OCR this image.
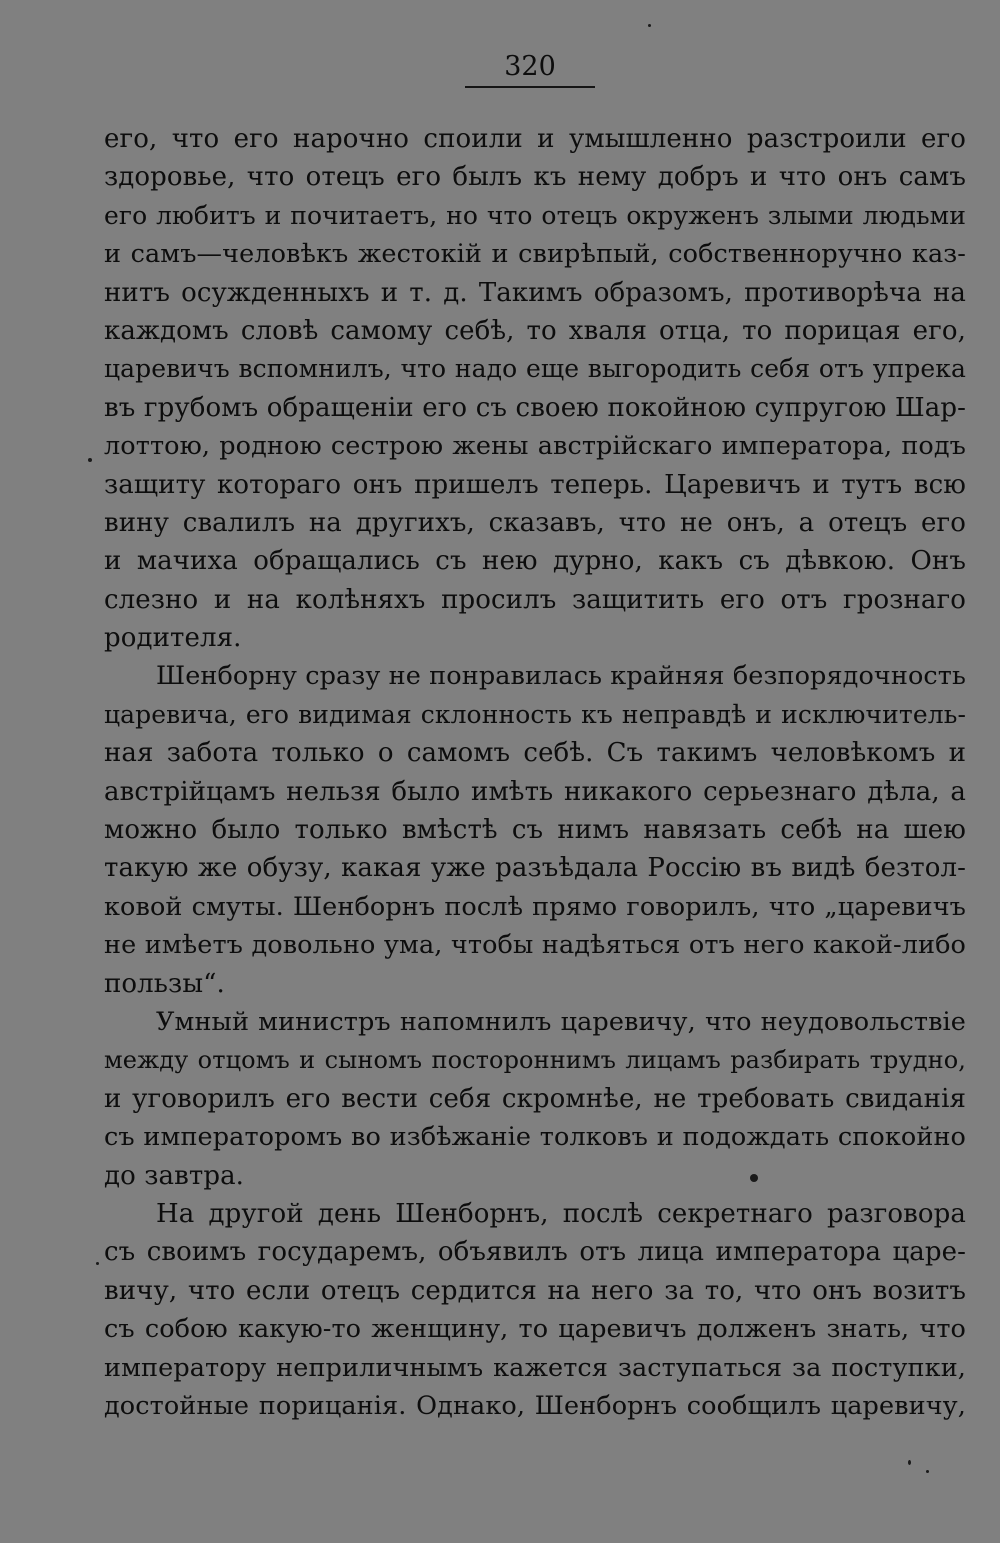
320
его, что его нарочно споили и умышленно разстроили его
здоровье, что отецъ его былъ къ нему добръ и что онъ самъ
его любитъ и почитаетъ, но что отецъ окруженъ злыми людьми
и самъ—человѣкъ жестокій и свирѣпый, собственноручно каз-
нитъ осужденныхъ и т. д. Такимъ образомъ, противорѣча на
каждомъ словѣ самому себѣ, то хваля отца, то порицая его,
царевичъ вспомнилъ, что надо еще выгородить себя отъ упрека
въ грубомъ обращеніи его съ своею покойною супругою Шар-
лоттою, родною сестрою жены австрійскаго императора, подъ
защиту котораго онъ пришелъ теперь. Царевичъ и тутъ всю
вину свалилъ на другихъ, сказавъ, что не онъ, а отецъ его
и мачиха обращались съ нею дурно, какъ съ дѣвкою. Онъ
слезно и на колѣняхъ просилъ защитить его отъ грознаго
родителя.
Шенборну сразу не понравилась крайняя безпорядочность
царевича, его видимая склонность къ неправдѣ и исключитель-
ная забота только о самомъ себѣ. Съ такимъ человѣкомъ и
австрійцамъ нельзя было имѣть никакого серьезнаго дѣла, а
можно было только вмѣстѣ съ нимъ навязать себѣ на шею
такую же обузу, какая уже разъѣдала Россію въ видѣ безтол-
ковой смуты. Шенборнъ послѣ прямо говорилъ, что „царевичъ
не имѣетъ довольно ума, чтобы надѣяться отъ него какой-либо
пользы“.
Умный министръ напомнилъ царевичу, что неудовольствіе
между отцомъ и сыномъ постороннимъ лицамъ разбирать трудно,
и уговорилъ его вести себя скромнѣе, не требовать свиданія
съ императоромъ во избѣжаніе толковъ и подождать спокойно
до завтра.
На другой день Шенборнъ, послѣ секретнаго разговора
съ своимъ государемъ, объявилъ отъ лица императора царе-
вичу, что если отецъ сердится на него за то, что онъ возитъ
съ собою какую-то женщину, то царевичъ долженъ знать, что
императору неприличнымъ кажется заступаться за поступки,
достойные порицанія. Однако, Шенборнъ сообщилъ царевичу,
